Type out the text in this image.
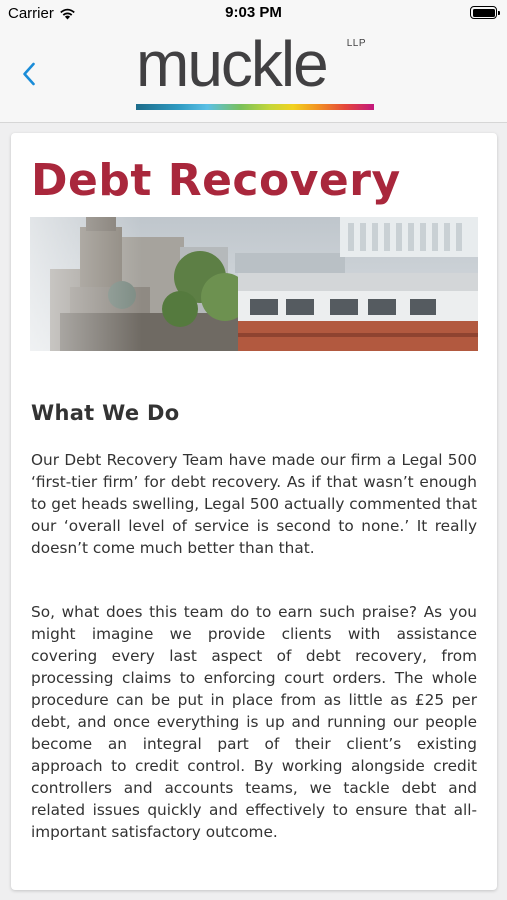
Carrier	9:03 PM
muckle LLP
Debt Recovery
What We Do

Our Debt Recovery Team have made our firm a Legal 500 ‘first-tier firm’ for debt recovery. As if that wasn’t enough to get heads swelling, Legal 500 actually commented that our ‘overall level of service is second to none.’ It really doesn’t come much better than that.

So, what does this team do to earn such praise? As you might imagine we provide clients with assistance covering every last aspect of debt recovery, from processing claims to enforcing court orders. The whole procedure can be put in place from as little as £25 per debt, and once everything is up and running our people become an integral part of their client’s existing approach to credit control. By working alongside credit controllers and accounts teams, we tackle debt and related issues quickly and effectively to ensure that all-important satisfactory outcome.
